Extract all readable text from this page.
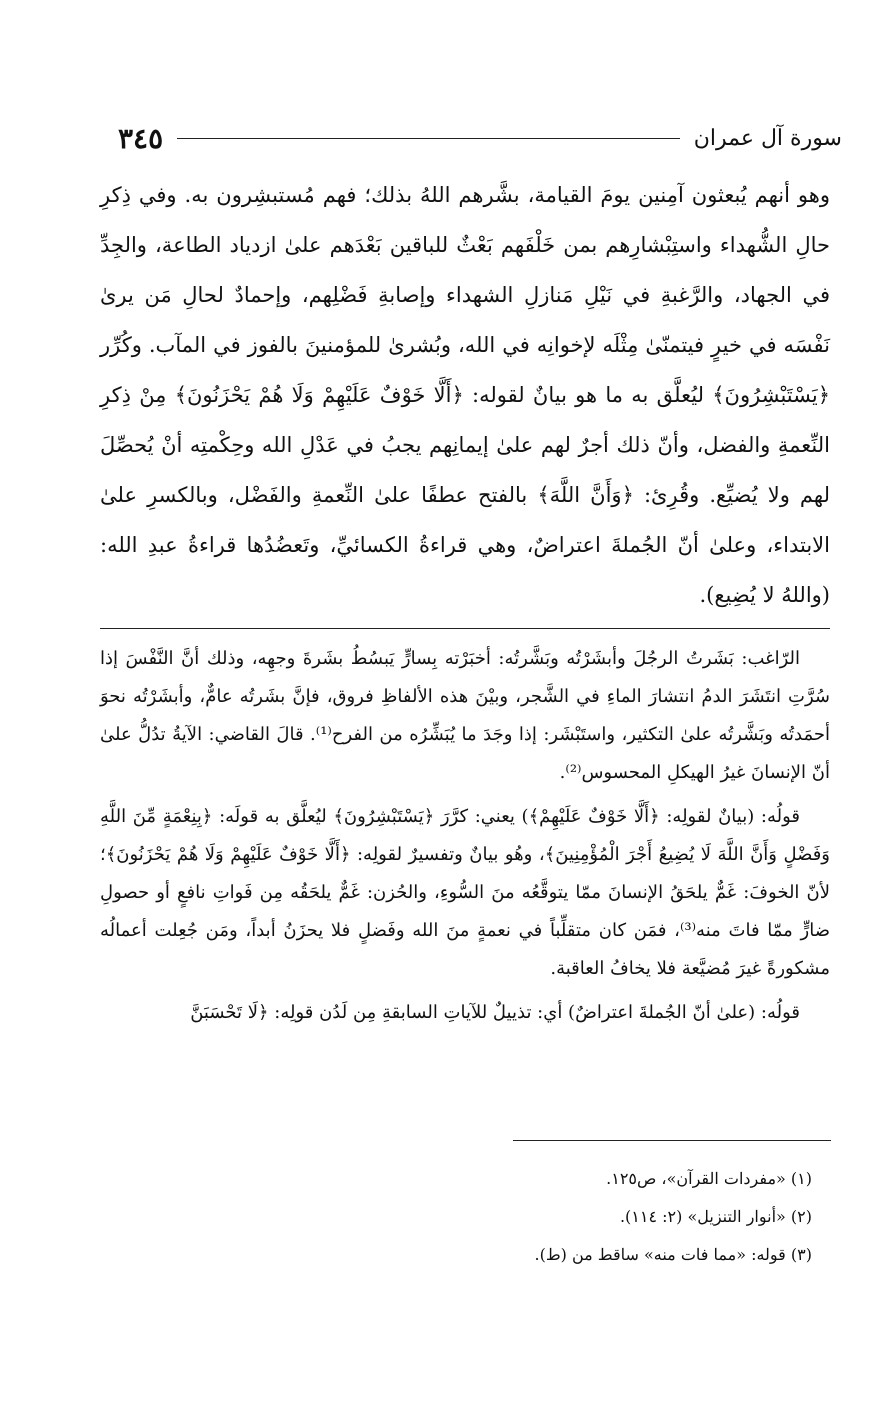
سورة آل عمران
٣٤٥
وهو أنهم يُبعثون آمِنين يومَ القيامة، بشَّرهم اللهُ بذلك؛ فهم مُستبشِرون به. وفي ذِكرِ حالِ الشُّهداء واستِبْشارِهم بمن خَلْفَهم بَعْثٌ للباقين بَعْدَهم علىٰ ازدياد الطاعة، والجِدِّ في الجهاد، والرَّغبةِ في نَيْلِ مَنازلِ الشهداء وإصابةِ فَضْلِهم، وإحمادٌ لحالِ مَن يرىٰ نَفْسَه في خيرٍ فيتمنّىٰ مِثْلَه لإخوانِه في الله، وبُشرىٰ للمؤمنينَ بالفوز في المآب. وكُرِّر ﴿يَسْتَبْشِرُونَ﴾ ليُعلَّق به ما هو بيانٌ لقوله: ﴿أَلَّا خَوْفٌ عَلَيْهِمْ وَلَا هُمْ يَحْزَنُونَ﴾ مِنْ ذِكرِ النِّعمةِ والفضل، وأنّ ذلك أجرٌ لهم علىٰ إيمانِهم يجبُ في عَدْلِ الله وحِكْمتِه أنْ يُحصِّلَ لهم ولا يُضيِّع. وقُرِئ: ﴿وَأَنَّ اللَّهَ﴾ بالفتح عطفًا علىٰ النِّعمةِ والفَضْل، وبالكسرِ علىٰ الابتداء، وعلىٰ أنّ الجُملةَ اعتراضٌ، وهي قراءةُ الكسائيِّ، وتَعضُدُها قراءةُ عبدِ الله: (واللهُ لا يُضِيع).

الرّاغب: بَشَرتُ الرجُلَ وأبشَرْتُه وبَشَّرتُه: أخبَرْته بِسارٍّ يَبسُطُ بشَرةَ وجهِه، وذلك أنَّ النَّفْسَ إذا سُرَّتِ انتَشَرَ الدمُ انتشارَ الماءِ في الشَّجر، وبيْنَ هذه الألفاظِ فروق، فإنَّ بشَرتُه عامٌّ، وأبشَرْتُه نحوَ أحمَدتُه وبَشَّرتُه علىٰ التكثير، واستَبْشَر: إذا وجَدَ ما يُبَشِّرُه من الفرح⁽¹⁾. قالَ القاضي: الآيةُ تدُلُّ علىٰ أنّ الإنسانَ غيرُ الهيكلِ المحسوس⁽²⁾.

قولُه: (بيانٌ لقولِه: ﴿أَلَّا خَوْفٌ عَلَيْهِمْ﴾) يعني: كرَّرَ ﴿يَسْتَبْشِرُونَ﴾ ليُعلَّق به قولَه: ﴿بِنِعْمَةٍ مِّنَ اللَّهِ وَفَضْلٍ وَأَنَّ اللَّهَ لَا يُضِيعُ أَجْرَ الْمُؤْمِنِينَ﴾، وهُو بيانٌ وتفسيرٌ لقولِه: ﴿أَلَّا خَوْفٌ عَلَيْهِمْ وَلَا هُمْ يَحْزَنُونَ﴾؛ لأنّ الخوفَ: غَمٌّ يلحَقُ الإنسانَ ممّا يتوقَّعُه منَ السُّوءِ، والحُزن: غَمٌّ يلحَقُه مِن فَواتِ نافعٍ أو حصولِ ضارٍّ ممّا فاتَ منه⁽³⁾، فمَن كان متقلِّباً في نعمةٍ منَ الله وفَضلٍ فلا يحزَنُ أبداً، ومَن جُعِلت أعمالُه مشكورةً غيرَ مُضيَّعة فلا يخافُ العاقبة.

قولُه: (علىٰ أنّ الجُملةَ اعتراضٌ) أي: تذييلٌ للآياتِ السابقةِ مِن لَدُن قولِه: ﴿لَا تَحْسَبَنَّ

(١) «مفردات القرآن»، ص١٢٥.
(٢) «أنوار التنزيل» (٢: ١١٤).
(٣) قوله: «مما فات منه» ساقط من (ط).
